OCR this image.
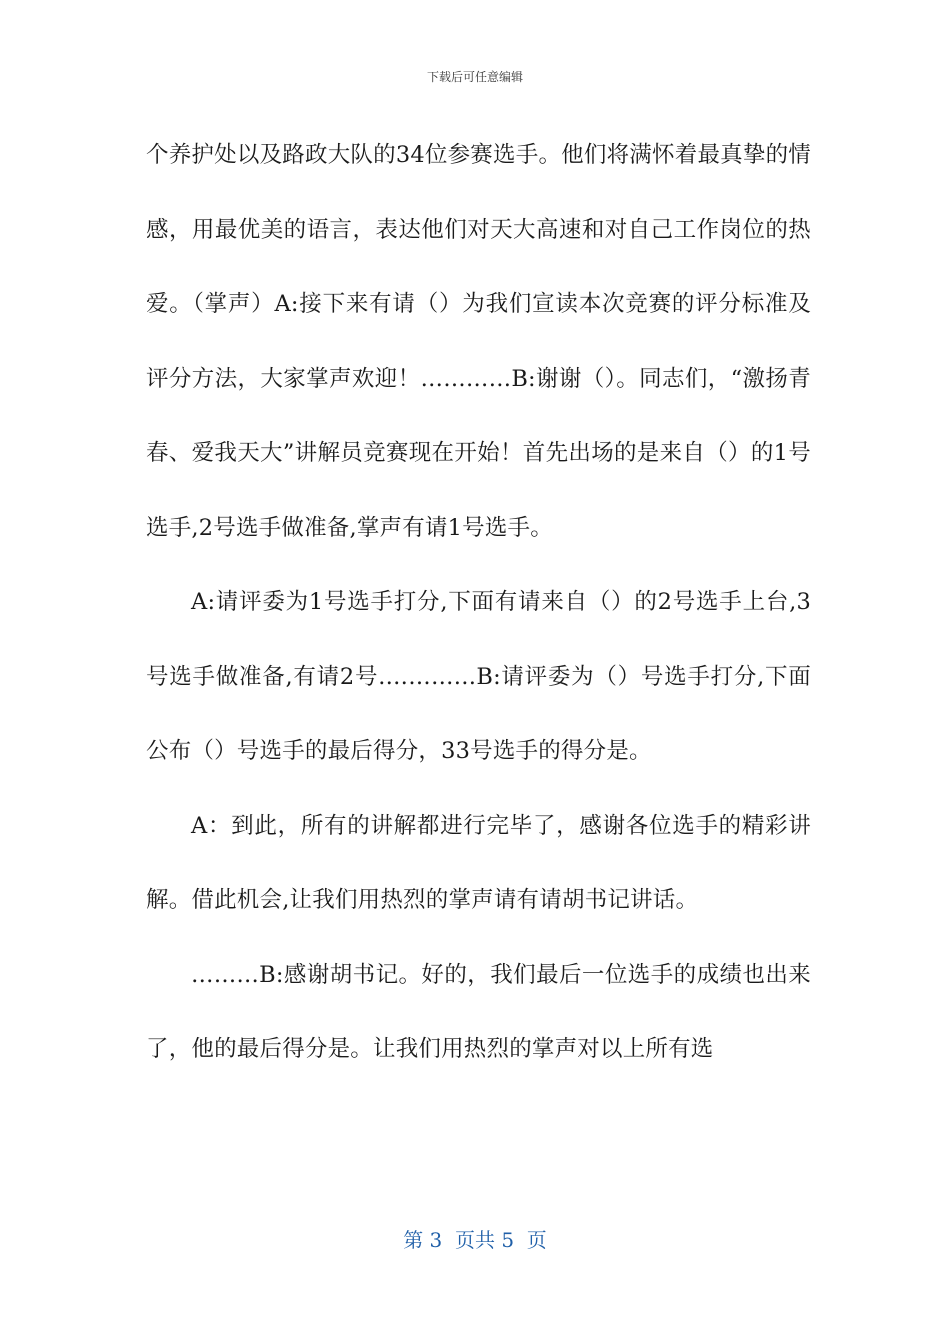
下载后可任意编辑

个养护处以及路政大队的34位参赛选手。他们将满怀着最真挚的情感，用最优美的语言，表达他们对天大高速和对自己工作岗位的热爱。（掌声）A:接下来有请（）为我们宣读本次竞赛的评分标准及评分方法，大家掌声欢迎！…………B:谢谢（）。同志们，“激扬青春、爱我天大”讲解员竞赛现在开始！首先出场的是来自（）的1号选手,2号选手做准备,掌声有请1号选手。

A:请评委为1号选手打分,下面有请来自（）的2号选手上台,3号选手做准备,有请2号.…………B:请评委为（）号选手打分,下面公布（）号选手的最后得分，33号选手的得分是。

A：到此，所有的讲解都进行完毕了，感谢各位选手的精彩讲解。借此机会,让我们用热烈的掌声请有请胡书记讲话。

………B:感谢胡书记。好的，我们最后一位选手的成绩也出来了，他的最后得分是。让我们用热烈的掌声对以上所有选

第 3  页共 5  页
